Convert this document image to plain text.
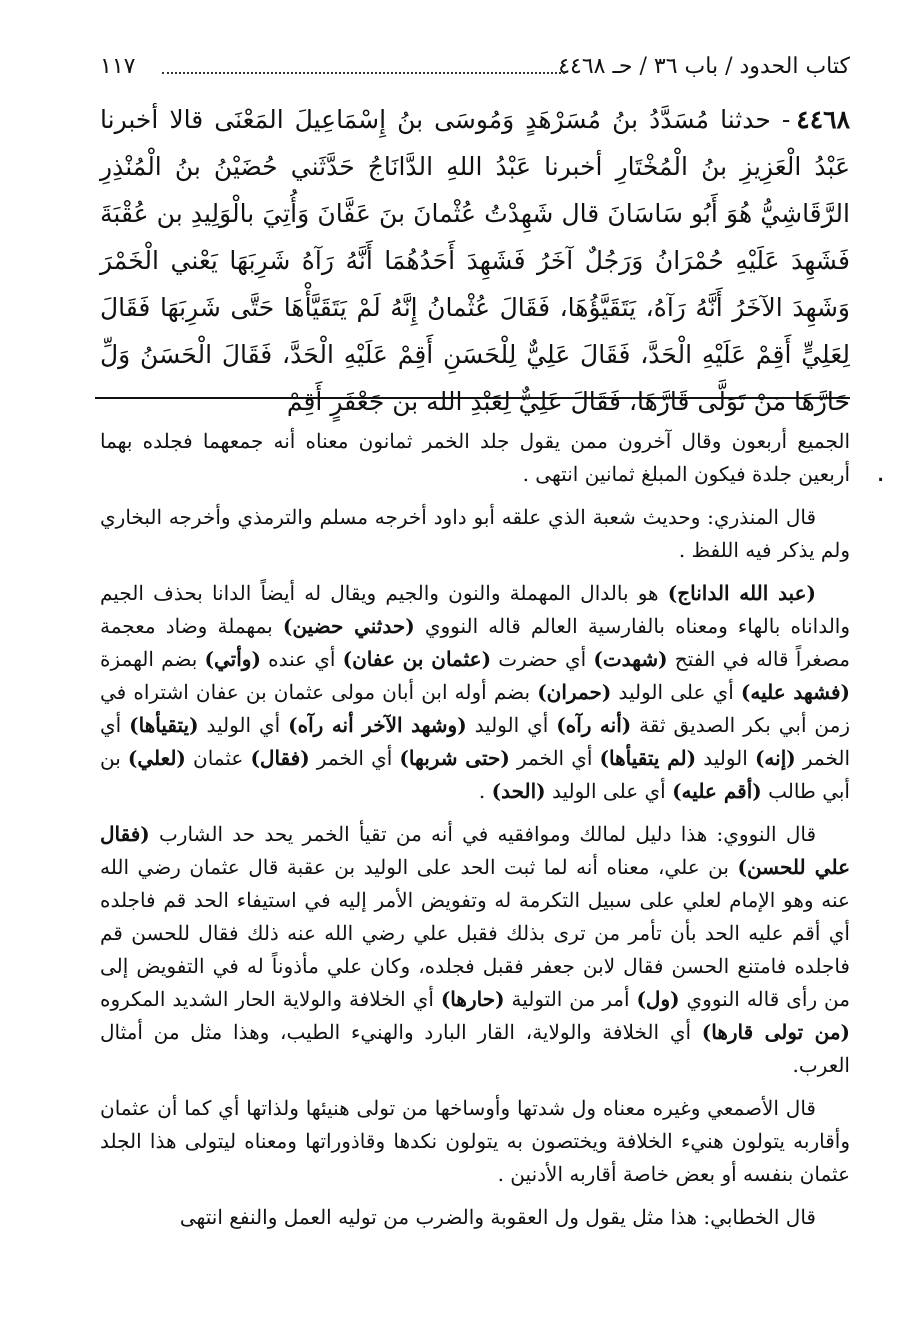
كتاب الحدود / باب ٣٦ / حـ ٤٤٦٨
١١٧
٤٤٦٨- حدثنا مُسَدَّدُ بنُ مُسَرْهَدٍ وَمُوسَى بنُ إِسْمَاعِيلَ المَعْنَى قالا أخبرنا عَبْدُ الْعَزِيزِ بنُ الْمُخْتَارِ أخبرنا عَبْدُ اللهِ الدَّانَاجُ حَدَّثَني حُضَيْنُ بنُ الْمُنْذِرِ الرَّقَاشِيُّ هُوَ أَبُو سَاسَانَ قال شَهِدْتُ عُثْمانَ بنَ عَفَّانَ وَأُتِيَ بالْوَلِيدِ بن عُقْبَةَ فَشَهِدَ عَلَيْهِ حُمْرَانُ وَرَجُلٌ آخَرُ فَشَهِدَ أَحَدُهُمَا أَنَّهُ رَآهُ شَرِبَهَا يَعْني الْخَمْرَ وَشَهِدَ الآخَرُ أَنَّهُ رَآهُ، يَتَقَيَّؤُهَا، فَقَالَ عُثْمانُ إِنَّهُ لَمْ يَتَقَيَّأْهَا حَتَّى شَرِبَهَا فَقَالَ لِعَلِيٍّ أَقِمْ عَلَيْهِ الْحَدَّ، فَقَالَ عَلِيٌّ لِلْحَسَنِ أَقِمْ عَلَيْهِ الْحَدَّ، فَقَالَ الْحَسَنُ وَلِّ حَارَّهَا مَنْ تَوَلَّى قَارَّهَا، فَقَالَ عَلِيٌّ لِعَبْدِ الله بن جَعْفَرٍ أَقِمْ
٠

الجميع أربعون وقال آخرون ممن يقول جلد الخمر ثمانون معناه أنه جمعهما فجلده بهما أربعين جلدة فيكون المبلغ ثمانين انتهى .

قال المنذري: وحديث شعبة الذي علقه أبو داود أخرجه مسلم والترمذي وأخرجه البخاري ولم يذكر فيه اللفظ .

(عبد الله الداناج) هو بالدال المهملة والنون والجيم ويقال له أيضاً الدانا بحذف الجيم والداناه بالهاء ومعناه بالفارسية العالم قاله النووي (حدثني حضين) بمهملة وضاد معجمة مصغراً قاله في الفتح (شهدت) أي حضرت (عثمان بن عفان) أي عنده (وأتي) بضم الهمزة (فشهد عليه) أي على الوليد (حمران) بضم أوله ابن أبان مولى عثمان بن عفان اشتراه في زمن أبي بكر الصديق ثقة (أنه رآه) أي الوليد (وشهد الآخر أنه رآه) أي الوليد (يتقيأها) أي الخمر (إنه) الوليد (لم يتقيأها) أي الخمر (حتى شربها) أي الخمر (فقال) عثمان (لعلي) بن أبي طالب (أقم عليه) أي على الوليد (الحد) .

قال النووي: هذا دليل لمالك وموافقيه في أنه من تقيأ الخمر يحد حد الشارب (فقال علي للحسن) بن علي، معناه أنه لما ثبت الحد على الوليد بن عقبة قال عثمان رضي الله عنه وهو الإمام لعلي على سبيل التكرمة له وتفويض الأمر إليه في استيفاء الحد قم فاجلده أي أقم عليه الحد بأن تأمر من ترى بذلك فقبل علي رضي الله عنه ذلك فقال للحسن قم فاجلده فامتنع الحسن فقال لابن جعفر فقبل فجلده، وكان علي مأذوناً له في التفويض إلى من رأى قاله النووي (ول) أمر من التولية (حارها) أي الخلافة والولاية الحار الشديد المكروه (من تولى قارها) أي الخلافة والولاية، القار البارد والهنيء الطيب، وهذا مثل من أمثال العرب.

قال الأصمعي وغيره معناه ول شدتها وأوساخها من تولى هنيئها ولذاتها أي كما أن عثمان وأقاربه يتولون هنيء الخلافة ويختصون به يتولون نكدها وقاذوراتها ومعناه ليتولى هذا الجلد عثمان بنفسه أو بعض خاصة أقاربه الأدنين .

قال الخطابي: هذا مثل يقول ول العقوبة والضرب من توليه العمل والنفع انتهى
